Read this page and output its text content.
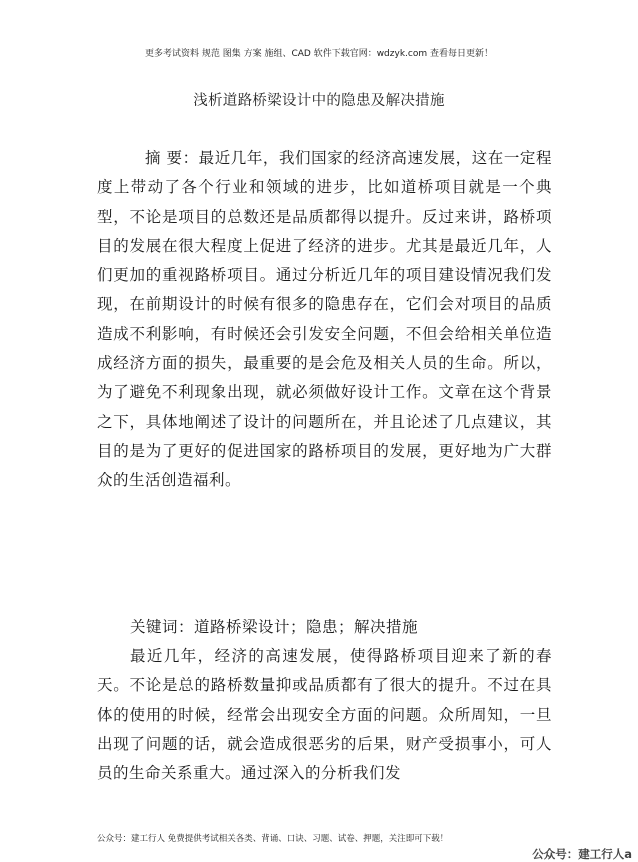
更多考试资料 规范 图集 方案 施组、CAD 软件下载官网：wdzyk.com 查看每日更新！
浅析道路桥梁设计中的隐患及解决措施

摘 要：最近几年，我们国家的经济高速发展，这在一定程度上带动了各个行业和领域的进步，比如道桥项目就是一个典型，不论是项目的总数还是品质都得以提升。反过来讲，路桥项目的发展在很大程度上促进了经济的进步。尤其是最近几年，人们更加的重视路桥项目。通过分析近几年的项目建设情况我们发现，在前期设计的时候有很多的隐患存在，它们会对项目的品质造成不利影响，有时候还会引发安全问题，不但会给相关单位造成经济方面的损失，最重要的是会危及相关人员的生命。所以，为了避免不利现象出现，就必须做好设计工作。文章在这个背景之下，具体地阐述了设计的问题所在，并且论述了几点建议，其目的是为了更好的促进国家的路桥项目的发展，更好地为广大群众的生活创造福利。

关键词：道路桥梁设计；隐患；解决措施

最近几年，经济的高速发展，使得路桥项目迎来了新的春天。不论是总的路桥数量抑或品质都有了很大的提升。不过在具体的使用的时候，经常会出现安全方面的问题。众所周知，一旦出现了问题的话，就会造成很恶劣的后果，财产受损事小，可人员的生命关系重大。通过深入的分析我们发

公众号：建工行人 免费提供考试相关各类、背诵、口诀、习题、试卷、押题，关注即可下载！
公众号：建工行人a
